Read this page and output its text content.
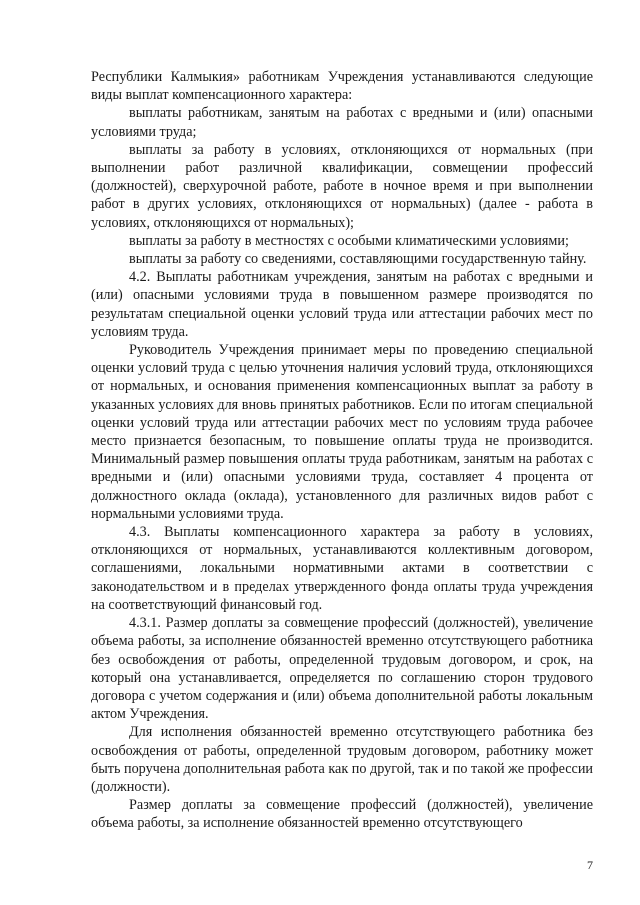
Республики Калмыкия» работникам Учреждения устанавливаются следующие виды выплат компенсационного характера:

выплаты работникам, занятым на работах с вредными и (или) опасными условиями труда;

выплаты за работу в условиях, отклоняющихся от нормальных (при выполнении работ различной квалификации, совмещении профессий (должностей), сверхурочной работе, работе в ночное время и при выполнении работ в других условиях, отклоняющихся от нормальных) (далее - работа в условиях, отклоняющихся от нормальных);

выплаты за работу в местностях с особыми климатическими условиями;

выплаты за работу со сведениями, составляющими государственную тайну.

4.2. Выплаты работникам учреждения, занятым на работах с вредными и (или) опасными условиями труда в повышенном размере производятся по результатам специальной оценки условий труда или аттестации рабочих мест по условиям труда.

Руководитель Учреждения принимает меры по проведению специальной оценки условий труда с целью уточнения наличия условий труда, отклоняющихся от нормальных, и основания применения компенсационных выплат за работу в указанных условиях для вновь принятых работников. Если по итогам специальной оценки условий труда или аттестации рабочих мест по условиям труда рабочее место признается безопасным, то повышение оплаты труда не производится. Минимальный размер повышения оплаты труда работникам, занятым на работах с вредными и (или) опасными условиями труда, составляет 4 процента от должностного оклада (оклада), установленного для различных видов работ с нормальными условиями труда.

4.3. Выплаты компенсационного характера за работу в условиях, отклоняющихся от нормальных, устанавливаются коллективным договором, соглашениями, локальными нормативными актами в соответствии с законодательством и в пределах утвержденного фонда оплаты труда учреждения на соответствующий финансовый год.

4.3.1. Размер доплаты за совмещение профессий (должностей), увеличение объема работы, за исполнение обязанностей временно отсутствующего работника без освобождения от работы, определенной трудовым договором, и срок, на который она устанавливается, определяется по соглашению сторон трудового договора с учетом содержания и (или) объема дополнительной работы локальным актом Учреждения.

Для исполнения обязанностей временно отсутствующего работника без освобождения от работы, определенной трудовым договором, работнику может быть поручена дополнительная работа как по другой, так и по такой же профессии (должности).

Размер доплаты за совмещение профессий (должностей), увеличение объема работы, за исполнение обязанностей временно отсутствующего

7
